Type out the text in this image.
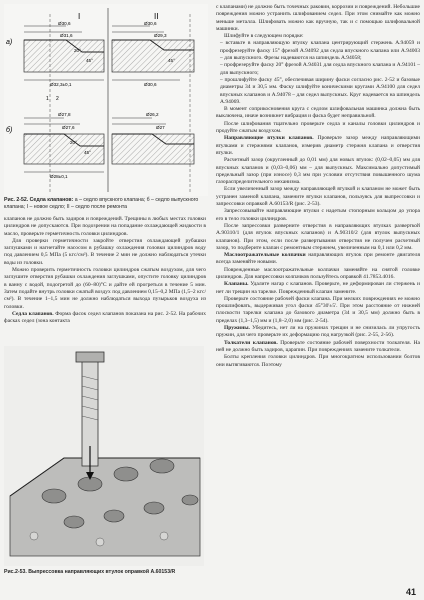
I	II
а)
б)
Ø30,6
Ø31,6
Ø32,3±0,1
Ø30,6
Ø29,3
Ø30,6
Ø27,8
Ø27,6
Ø28±0,1
Ø26,2
Ø27
20°
45°	45°
45°
20°
1 2
Рис. 2-52. Седла клапанов: а – седло впускного клапана; б – седло выпускного клапана; I – новое седло; II – седло после ремонта

клапанов не должно быть задиров и повреждений. Трещины в любых местах головки цилиндров не допускаются. При подозрении на попадание охлаждающей жидкости в масло, проверьте герметичность головки цилиндров.

Для проверки герметичности закройте отверстия охлаждающей рубашки заглушками и нагнетайте насосом в рубашку охлаждения головки цилиндров воду под давлением 0,5 МПа (5 кгс/см²). В течение 2 мин не должно наблюдаться утечки воды из головки.

Можно проверить герметичность головки цилиндров сжатым воздухом, для чего заглушите отверстия рубашки охлаждения заглушками, опустите головку цилиндров в ванну с водой, подогретой до (60–80)°С и дайте ей прогреться в течение 5 мин. Затем подайте внутрь головки сжатый воздух под давлением 0,15–0,2 МПа (1,5–2 кгс/см²). В течение 1–1,5 мин не должно наблюдаться выхода пузырьков воздуха из головки.

Седла клапанов. Форма фасок седел клапанов показана на рис. 2-52. На рабочих фасках седел (зона контакта

Рис.2-53. Выпрессовка направляющих втулок оправкой А.60153/R

с клапанами) не должно быть точечных раковин, коррозии и повреждений. Небольшие повреждения можно устранить шлифованием седел. При этом снимайте как можно меньше металла. Шлифовать можно как вручную, так и с помощью шлифовальной машинки.

Шлифуйте в следующем порядке:

– вставьте в направляющую втулку клапана центрирующий стержень А.94059 и профрезеруйте фаску 15° фрезой А.94092 для седла впускного клапана или А.94003 – для выпускного. Фрезы надеваются на шпиндель А.94058;

– профрезеруйте фаску 20° фрезой А.94031 для седла впускного клапана и А.94101 – для выпускного;

– прошлифуйте фаску 45°, обеспечивая ширину фаски согласно рис. 2-52 и базовые диаметры 34 и 30,5 мм. Фаску шлифуйте коническими кругами А.94100 для седел впускных клапанов и А.94078 – для седел выпускных. Круг надевается на шпиндель А.94069.

В момент соприкосновения круга с седлом шлифовальная машинка должна быть выключена, иначе возникнет вибрация и фаска будет неправильной.

После шлифования тщательно проверьте седла и каналы головки цилиндров и продуйте сжатым воздухом.

Направляющие втулки клапанов. Проверьте зазор между направляющими втулками и стержнями клапанов, измерив диаметр стержня клапана и отверстия втулки.

Расчетный зазор (округленный до 0,01 мм) для новых втулок: (0,02–0,05) мм для впускных клапанов и (0,03–0,06) мм – для выпускных. Максимально допустимый предельный зазор (при износе) 0,3 мм при условии отсутствия повышенного шума газораспределительного механизма.

Если увеличенный зазор между направляющей втулкой и клапаном не может быть устранен заменой клапана, замените втулки клапанов, пользуясь для выпрессовки и запрессовки оправкой А.60153/R (рис. 2-53).

Запрессовывайте направляющие втулки с надетым стопорным кольцом до упора его в тело головки цилиндров.

После запрессовки разверните отверстия в направляющих втулках разверткой А.90310/1 (для втулок впускных клапанов) и А.90310/2 (для втулок выпускных клапанов). При этом, если после развертывания отверстия не получен расчетный зазор, то подберите клапан с ремонтным стержнем, увеличенным на 0,1 или 0,2 мм.

Маслоотражательные колпачки направляющих втулок при ремонте двигателя всегда заменяйте новыми.

Поврежденные маслоотражательные колпачки заменяйте на снятой головке цилиндров. Для напрессовки колпачков пользуйтесь оправкой 41.7853.4016.

Клапаны. Удалите нагар с клапанов. Проверьте, не деформирован ли стержень и нет ли трещин на тарелке. Поврежденный клапан замените.

Проверьте состояние рабочей фаски клапана. При мелких повреждениях ее можно прошлифовать, выдерживая угол фаски 45°30'±5'. При этом расстояние от нижней плоскости тарелки клапана до базового диаметра (34 и 30,5 мм) должно быть в пределах (1,3–1,5) мм и (1,8–2,0) мм (рис. 2-54).

Пружины. Убедитесь, нет ли на пружинах трещин и не снизилась ли упругость пружин, для чего проверьте их деформацию под нагрузкой (рис. 2-55, 2-56).

Толкатели клапанов. Проверьте состояние рабочей поверхности толкателя. На ней не должно быть задиров, царапин. При повреждениях замените толкатели.

Болты крепления головки цилиндров. При многократном использовании болтов они вытягиваются. Поэтому

41
